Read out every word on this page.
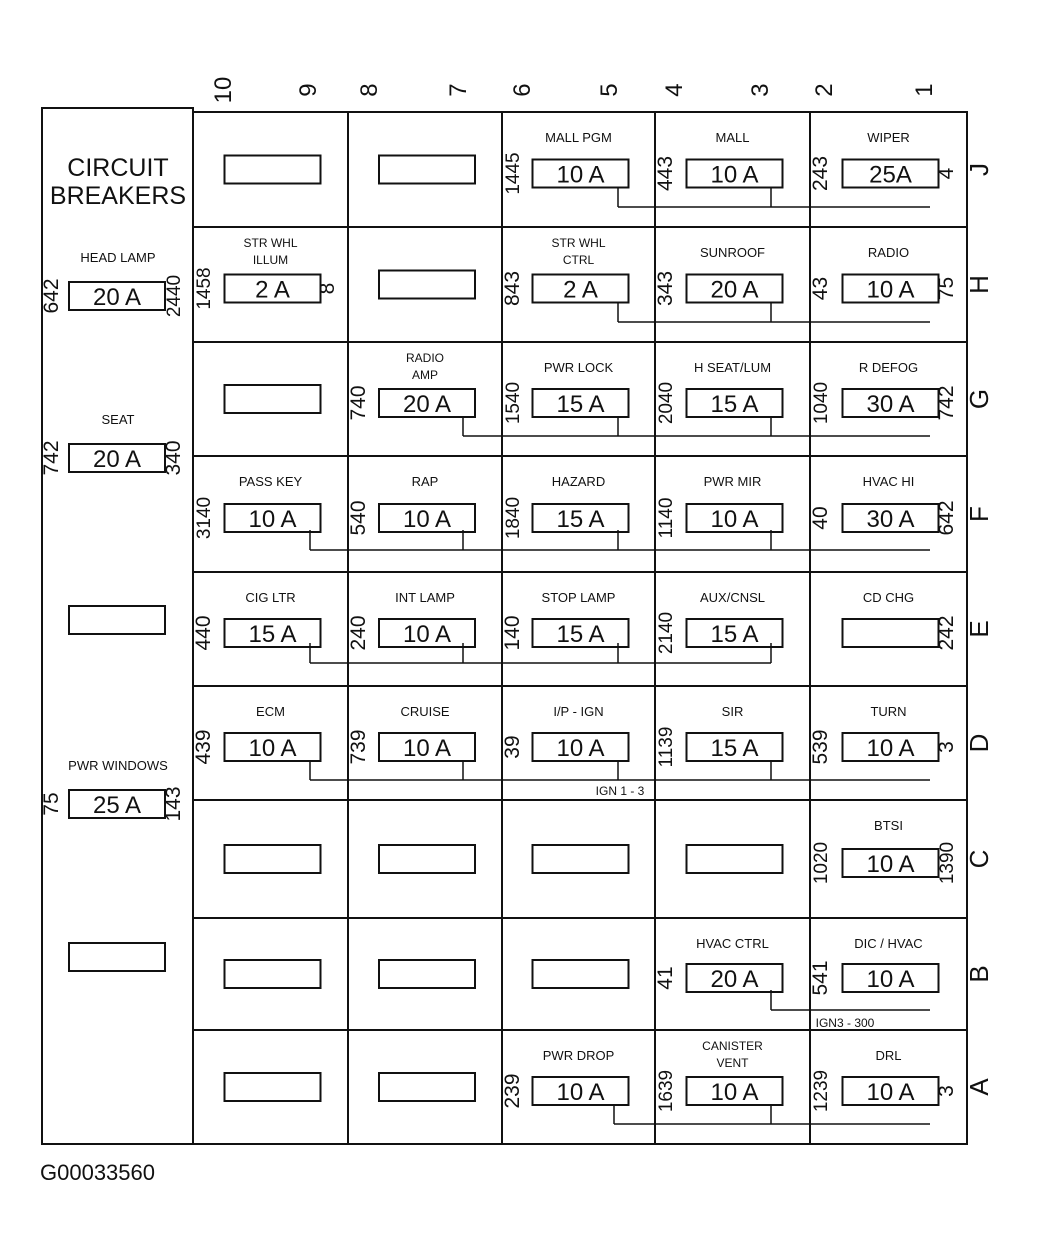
CIRCUIT
BREAKERS
HEAD LAMP
20 A
642	2440
SEAT
20 A
742	340
PWR WINDOWS
25 A
75	143
MALL PGM
10 A
1445
MALL
10 A
443
WIPER
25A
243	4
STR WHL
ILLUM
2 A
1458	8
STR WHL
CTRL
2 A
843
SUNROOF
20 A
343
RADIO
10 A
43	75
RADIO
AMP
20 A
740
PWR LOCK
15 A
1540
H SEAT/LUM
15 A
2040
R DEFOG
30 A
1040	742
PASS KEY
10 A
3140
RAP
10 A
540
HAZARD
15 A
1840
PWR MIR
10 A
1140
HVAC HI
30 A
40	642
CIG LTR
15 A
440
INT LAMP
10 A
240
STOP LAMP
15 A
140
AUX/CNSL
15 A
2140
CD CHG
242
ECM
10 A
439
CRUISE
10 A
739
I/P - IGN
10 A
39
SIR
15 A
1139
TURN
10 A
539	3
BTSI
10 A
1020	1390
HVAC CTRL
20 A
41
DIC / HVAC
10 A
541
PWR DROP
10 A
239
CANISTER
VENT
10 A
1639
DRL
10 A
1239	3
IGN 1 - 3
IGN3 - 300
J
H
G
F
E
D
C
B
A
10 9 8	7 6	5 4 3 2	1
G00033560
